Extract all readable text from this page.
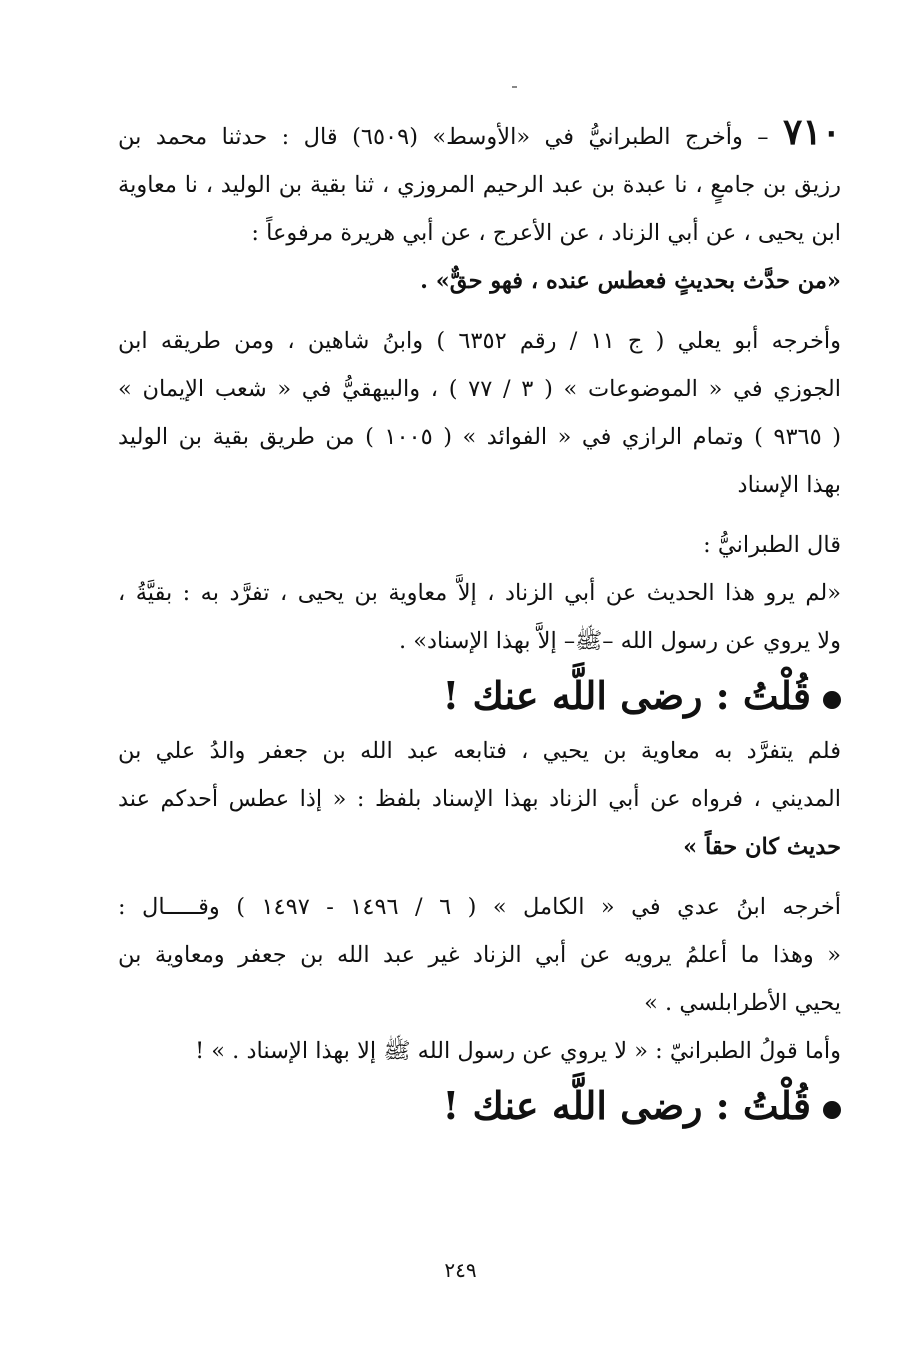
٧١٠ – وأخرج الطبرانيُّ في «الأوسط» (٦٥٠٩) قال : حدثنا محمد بن
رزيق بن جامعٍ ، نا عبدة بن عبد الرحيم المروزي ، ثنا بقية بن الوليد ، نا معاوية
ابن يحيى ، عن أبي الزناد ، عن الأعرج ، عن أبي هريرة مرفوعاً :
«من حدَّث بحديثٍ فعطس عنده ، فهو حقٌّ» .
وأخرجه أبو يعلي ( ج ١١ / رقم ٦٣٥٢ ) وابنُ شاهين ، ومن طريقه ابن
الجوزي في « الموضوعات » ( ٣ / ٧٧ ) ، والبيهقيُّ في « شعب الإيمان »
( ٩٣٦٥ ) وتمام الرازي في « الفوائد » ( ١٠٠٥ ) من طريق بقية بن الوليد
بهذا الإسناد
قال الطبرانيُّ :
«لم يرو هذا الحديث عن أبي الزناد ، إلاَّ معاوية بن يحيى ، تفرَّد به : بقيَّةُ ،
ولا يروي عن رسول الله –ﷺ– إلاَّ بهذا الإسناد» .
قُلْتُ : رضى اللَّه عنك !
فلم يتفرَّد به معاوية بن يحيي ، فتابعه عبد الله بن جعفر والدُ علي بن
المديني ، فرواه عن أبي الزناد بهذا الإسناد بلفظ : « إذا عطس أحدكم عند
حديث كان حقاً »
أخرجه ابنُ عدي في « الكامل » ( ٦ / ١٤٩٦ - ١٤٩٧ ) وقـــــال :
« وهذا ما أعلمُ يرويه عن أبي الزناد غير عبد الله بن جعفر ومعاوية بن
يحيي الأطرابلسي . »
وأما قولُ الطبرانيّ : « لا يروي عن رسول الله ﷺ إلا بهذا الإسناد . » !
قُلْتُ : رضى اللَّه عنك !
٢٤٩
